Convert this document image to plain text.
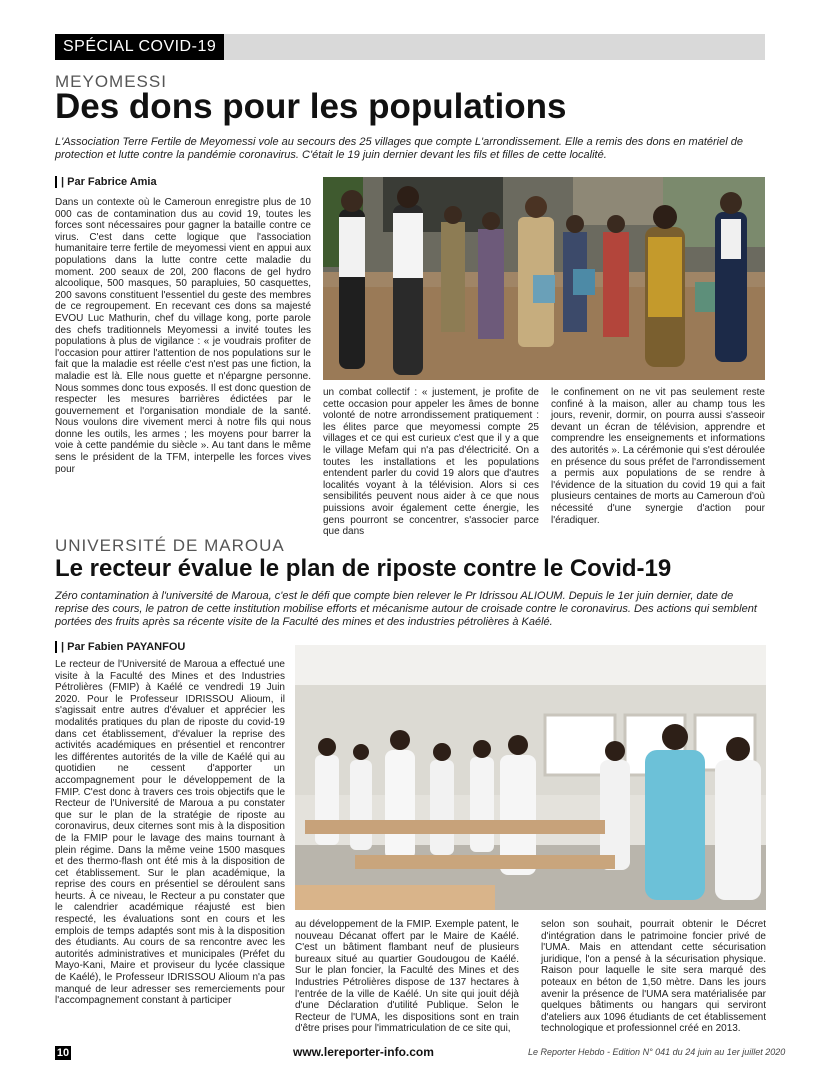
SPÉCIAL COVID-19
MEYOMESSI
Des dons pour les populations
L'Association Terre Fertile de Meyomessi vole au secours des 25 villages que compte L'arrondissement. Elle a remis des dons en matériel de protection et lutte contre la pandémie coronavirus. C'était le 19 juin dernier devant les fils et filles de cette localité.
| Par Fabrice Amia

Dans un contexte où le Cameroun enregistre plus de 10 000 cas de contamination dus au covid 19, toutes les forces sont nécessaires pour gagner la bataille contre ce virus. C'est dans cette logique que l'association humanitaire terre fertile de meyomessi vient en appui aux populations dans la lutte contre cette maladie du moment. 200 seaux de 20l, 200 flacons de gel hydro alcoolique, 500 masques, 50 parapluies, 50 casquettes, 200 savons constituent l'essentiel du geste des membres de ce regroupement. En recevant ces dons sa majesté EVOU Luc Mathurin, chef du village kong, porte parole des chefs traditionnels Meyomessi a invité toutes les populations à plus de vigilance : « je voudrais profiter de l'occasion pour attirer l'attention de nos populations sur le fait que la maladie est réelle c'est n'est pas une fiction, la maladie est là. Elle nous guette et n'épargne personne. Nous sommes donc tous exposés. Il est donc question de respecter les mesures barrières édictées par le gouvernement et l'organisation mondiale de la santé. Nous voulons dire vivement merci à notre fils qui nous donne les outils, les armes ; les moyens pour barrer la voie à cette pandémie du siècle ». Au tant dans le même sens le président de la TFM, interpelle les forces vives pour

un combat collectif : « justement, je profite de cette occasion pour appeler les âmes de bonne volonté de notre arrondissement pratiquement : les élites parce que meyomessi compte 25 villages et ce qui est curieux c'est que il y a que le village Mefam qui n'a pas d'électricité. On a toutes les installations et les populations entendent parler du covid 19 alors que d'autres localités voyant à la télévision. Alors si ces sensibilités peuvent nous aider à ce que nous puissions avoir également cette énergie, les gens pourront se concentrer, s'associer parce que dans

le confinement on ne vit pas seulement reste confiné à la maison, aller au champ tous les jours, revenir, dormir, on pourra aussi s'asseoir devant un écran de télévision, apprendre et comprendre les enseignements et informations des autorités ». La cérémonie qui s'est déroulée en présence du sous préfet de l'arrondissement a permis aux populations de se rendre à l'évidence de la situation du covid 19 qui a fait plusieurs centaines de morts au Cameroun d'où nécessité d'une synergie d'action pour l'éradiquer.

UNIVERSITÉ DE MAROUA
Le recteur évalue le plan de riposte contre le Covid-19
Zéro contamination à l'université de Maroua, c'est le défi que compte bien relever le Pr Idrissou ALIOUM. Depuis le 1er juin dernier, date de reprise des cours, le patron de cette institution mobilise efforts et mécanisme autour de croisade contre le coronavirus. Des actions qui semblent portées des fruits après sa récente visite de la Faculté des mines et des industries pétrolières à Kaélé.
| Par Fabien PAYANFOU

Le recteur de l'Université de Maroua a effectué une visite à la Faculté des Mines et des Industries Pétrolières (FMIP) à Kaélé ce vendredi 19 Juin 2020. Pour le Professeur IDRISSOU Alioum, il s'agissait entre autres d'évaluer et apprécier les modalités pratiques du plan de riposte du covid-19 dans cet établissement, d'évaluer la reprise des activités académiques en présentiel et rencontrer les différentes autorités de la ville de Kaélé qui au quotidien ne cessent d'apporter un accompagnement pour le développement de la FMIP. C'est donc à travers ces trois objectifs que le Recteur de l'Université de Maroua a pu constater que sur le plan de la stratégie de riposte au coronavirus, deux citernes sont mis à la disposition de la FMIP pour le lavage des mains tournant à plein régime. Dans la même veine 1500 masques et des thermo-flash ont été mis à la disposition de cet établissement. Sur le plan académique, la reprise des cours en présentiel se déroulent sans heurts. À ce niveau, le Recteur a pu constater que le calendrier académique réajusté est bien respecté, les évaluations sont en cours et les emplois de temps adaptés sont mis à la disposition des étudiants. Au cours de sa rencontre avec les autorités administratives et municipales (Préfet du Mayo-Kani, Maire et proviseur du lycée classique de Kaélé), le Professeur IDRISSOU Alioum n'a pas manqué de leur adresser ses remerciements pour l'accompagnement constant à participer

au développement de la FMIP. Exemple patent, le nouveau Décanat offert par le Maire de Kaélé. C'est un bâtiment flambant neuf de plusieurs bureaux situé au quartier Goudougou de Kaélé. Sur le plan foncier, la Faculté des Mines et des Industries Pétrolières dispose de 137 hectares à l'entrée de la ville de Kaélé. Un site qui jouit déjà d'une Déclaration d'utilité Publique. Selon le Recteur de l'UMA, les dispositions sont en train d'être prises pour l'immatriculation de ce site qui,

selon son souhait, pourrait obtenir le Décret d'intégration dans le patrimoine foncier privé de l'UMA. Mais en attendant cette sécurisation juridique, l'on a pensé à la sécurisation physique. Raison pour laquelle le site sera marqué des poteaux en béton de 1,50 mètre. Dans les jours avenir la présence de l'UMA sera matérialisée par quelques bâtiments ou hangars qui serviront d'ateliers aux 1096 étudiants de cet établissement technologique et professionnel créé en 2013.

10	www.lereporter-info.com	Le Reporter Hebdo - Edition N° 041 du 24 juin au 1er juillet 2020
